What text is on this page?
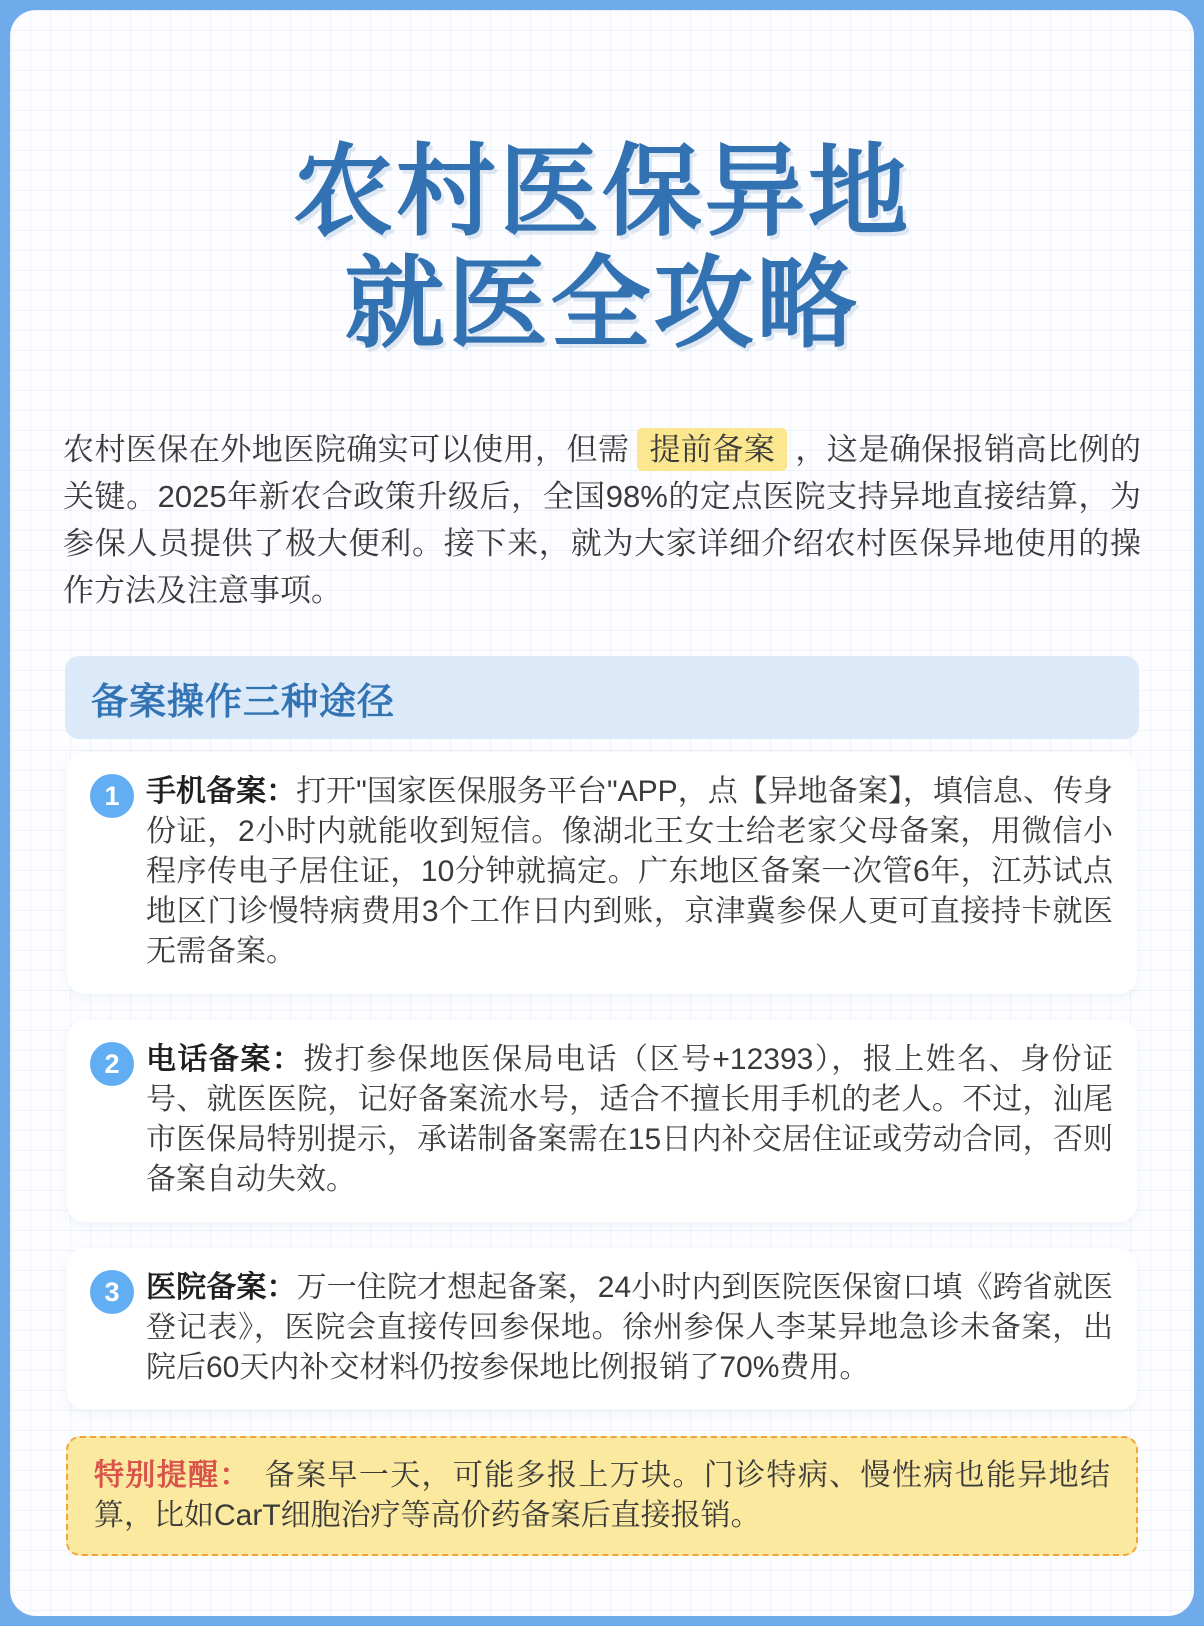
农村医保异地
就医全攻略

农村医保在外地医院确实可以使用，但需 提前备案 ，这是确保报销高比例的关键。2025年新农合政策升级后，全国98%的定点医院支持异地直接结算，为参保人员提供了极大便利。接下来，就为大家详细介绍农村医保异地使用的操作方法及注意事项。

备案操作三种途径
1 手机备案：打开"国家医保服务平台"APP，点【异地备案】，填信息、传身份证，2小时内就能收到短信。像湖北王女士给老家父母备案，用微信小程序传电子居住证，10分钟就搞定。广东地区备案一次管6年，江苏试点地区门诊慢特病费用3个工作日内到账，京津冀参保人更可直接持卡就医无需备案。

2 电话备案：拨打参保地医保局电话（区号+12393），报上姓名、身份证号、就医医院，记好备案流水号，适合不擅长用手机的老人。不过，汕尾市医保局特别提示，承诺制备案需在15日内补交居住证或劳动合同，否则备案自动失效。

3 医院备案：万一住院才想起备案，24小时内到医院医保窗口填《跨省就医登记表》，医院会直接传回参保地。徐州参保人李某异地急诊未备案，出院后60天内补交材料仍按参保地比例报销了70%费用。

特别提醒： 备案早一天，可能多报上万块。门诊特病、慢性病也能异地结算，比如CarT细胞治疗等高价药备案后直接报销。
